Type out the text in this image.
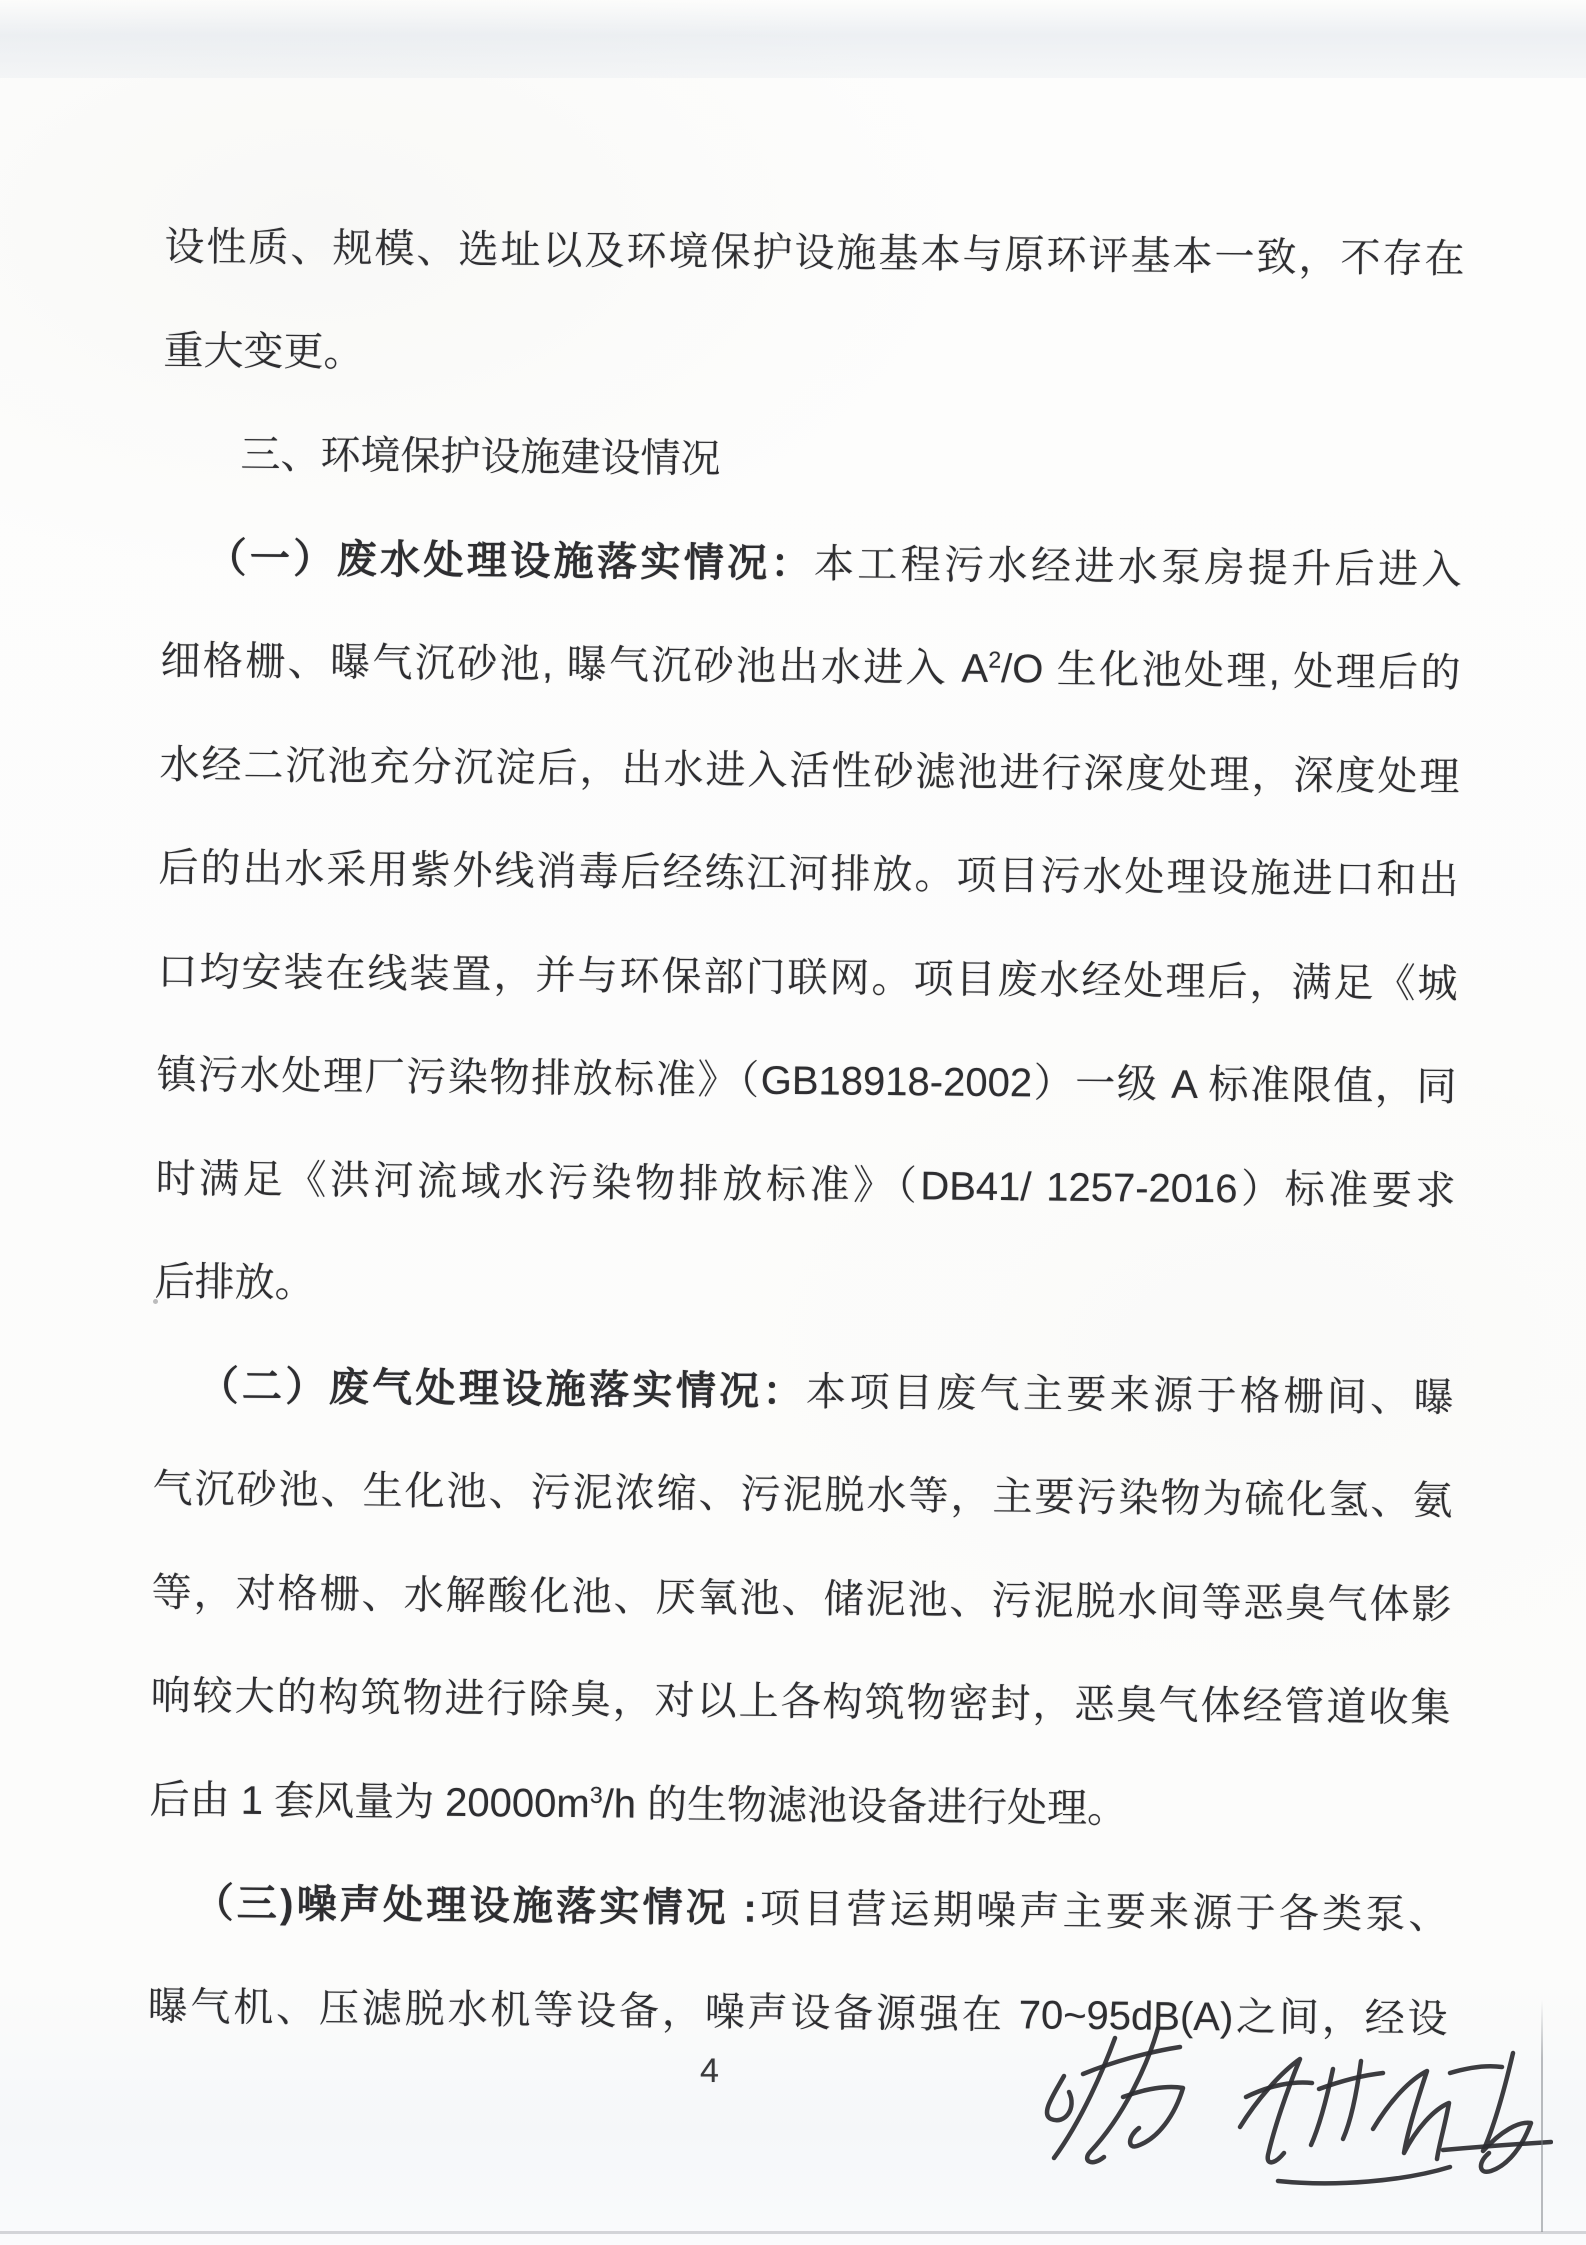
设性质、规模、选址以及环境保护设施基本与原环评基本一致，不存在
重大变更。
三、环境保护设施建设情况
（一）废水处理设施落实情况：本工程污水经进水泵房提升后进入
细格栅、曝气沉砂池, 曝气沉砂池出水进入 $A^2/O$ 生化池处理, 处理后的
水经二沉池充分沉淀后，出水进入活性砂滤池进行深度处理，深度处理
后的出水采用紫外线消毒后经练江河排放。项目污水处理设施进口和出
口均安装在线装置，并与环保部门联网。项目废水经处理后，满足《城
镇污水处理厂污染物排放标准》（GB18918-2002）一级 A 标准限值，同
时满足《洪河流域水污染物排放标准》（DB41/ 1257-2016）标准要求
后排放。
（二）废气处理设施落实情况：本项目废气主要来源于格栅间、曝
气沉砂池、生化池、污泥浓缩、污泥脱水等，主要污染物为硫化氢、氨
等，对格栅、水解酸化池、厌氧池、储泥池、污泥脱水间等恶臭气体影
响较大的构筑物进行除臭，对以上各构筑物密封，恶臭气体经管道收集
后由 1 套风量为 $20000m^3/h$ 的生物滤池设备进行处理。
（三)噪声处理设施落实情况 :项目营运期噪声主要来源于各类泵、
曝气机、压滤脱水机等设备，噪声设备源强在 70~95dB(A)之间，经设
4
